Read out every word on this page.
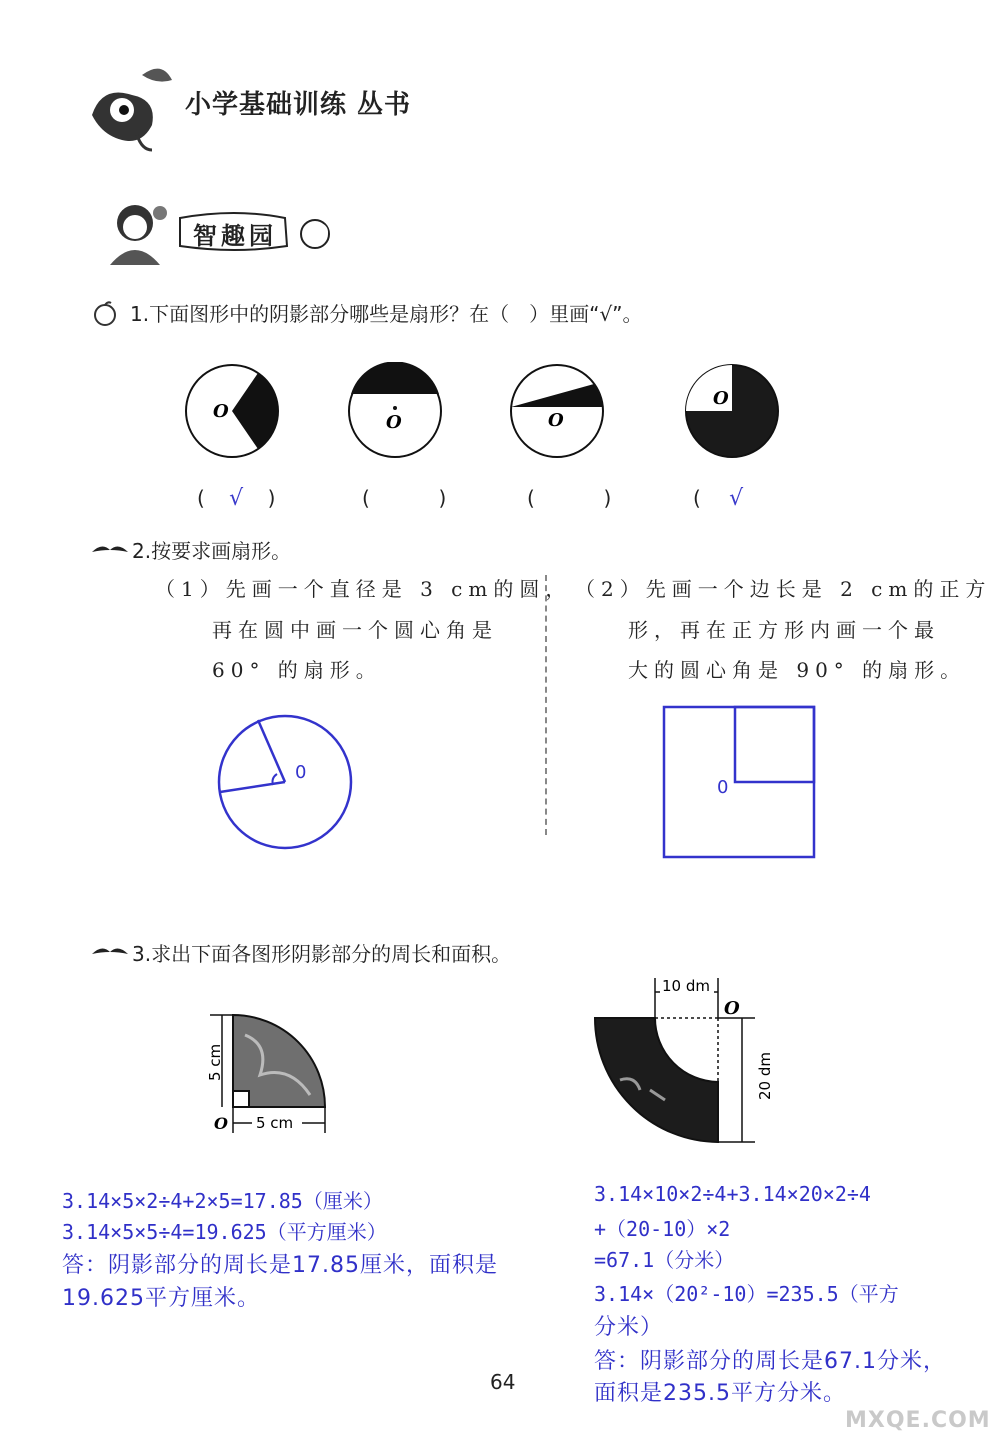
小学基础训练 丛书
智趣园
1.下面图形中的阴影部分哪些是扇形？在（　）里画“√”。
O
O	O
O
( √ )	(	)	(	)	( √
2.按要求画扇形。
（1）先画一个直径是 3 cm的圆，
再在圆中画一个圆心角是
60° 的扇形。
（2）先画一个边长是 2 cm的正方
形，再在正方形内画一个最
大的圆心角是 90° 的扇形。
0
0
3.求出下面各图形阴影部分的周长和面积。
5 cm
5 cm
O
10 dm
20 dm
O
3.14×5×2÷4+2×5=17.85（厘米）
3.14×5×5÷4=19.625（平方厘米）
答：阴影部分的周长是17.85厘米，面积是
19.625平方厘米。
3.14×10×2÷4+3.14×20×2÷4
+（20-10）×2
=67.1（分米）
3.14×（20²-10）=235.5（平方
分米）
答：阴影部分的周长是67.1分米，
面积是235.5平方分米。
64
MXQE.COM
